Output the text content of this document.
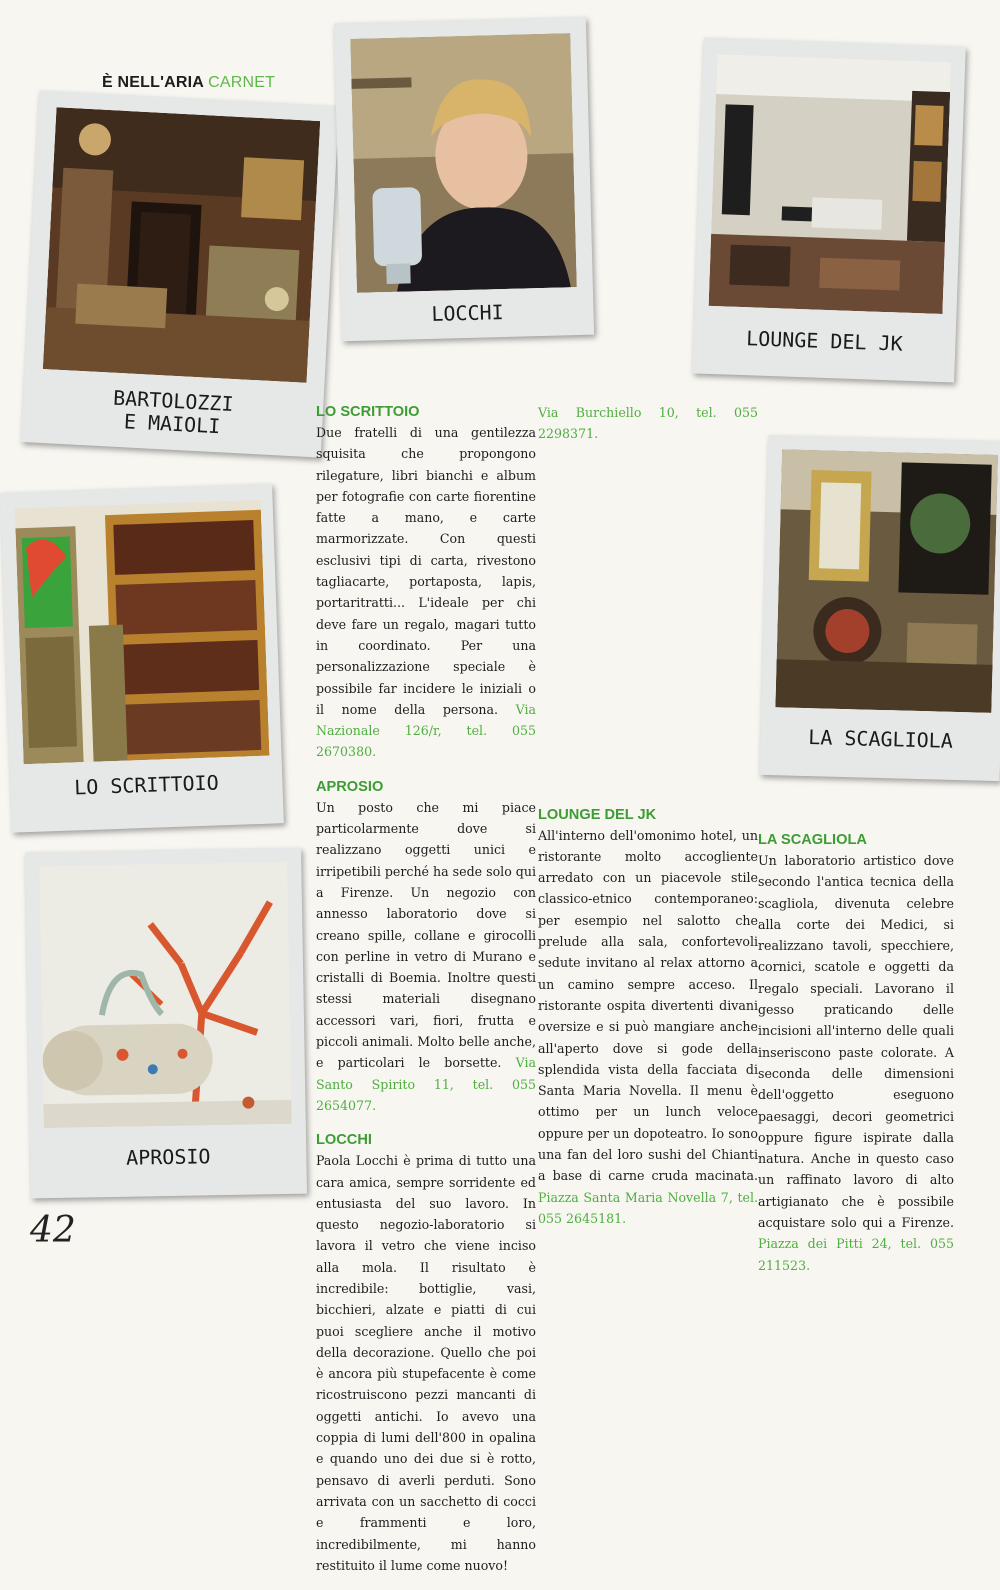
È NELL'ARIA CARNET
BARTOLOZZI
E MAIOLI
LOCCHI
LOUNGE DEL JK
LO SCRITTOIO
LA SCAGLIOLA
APROSIO
LO SCRITTOIO

Due fratelli di una gentilezza squisita che propongono rilegature, libri bianchi e album per fotografie con carte fiorentine fatte a mano, e carte marmorizzate. Con questi esclusivi tipi di carta, rivestono tagliacarte, portaposta, lapis, portaritratti... L'ideale per chi deve fare un regalo, magari tutto in coordinato. Per una personalizzazione speciale è possibile far incidere le iniziali o il nome della persona. Via Nazionale 126/r, tel. 055 2670380.

APROSIO

Un posto che mi piace particolarmente dove si realizzano oggetti unici e irripetibili perché ha sede solo qui a Firenze. Un negozio con annesso laboratorio dove si creano spille, collane e girocolli con perline in vetro di Murano e cristalli di Boemia. Inoltre questi stessi materiali disegnano accessori vari, fiori, frutta e piccoli animali. Molto belle anche, e particolari le borsette. Via Santo Spirito 11, tel. 055 2654077.

LOCCHI

Paola Locchi è prima di tutto una cara amica, sempre sorridente ed entusiasta del suo lavoro. In questo negozio-laboratorio si lavora il vetro che viene inciso alla mola. Il risultato è incredibile: bottiglie, vasi, bicchieri, alzate e piatti di cui puoi scegliere anche il motivo della decorazione. Quello che poi è ancora più stupefacente è come ricostruiscono pezzi mancanti di oggetti antichi. Io avevo una coppia di lumi dell'800 in opalina e quando uno dei due si è rotto, pensavo di averli perduti. Sono arrivata con un sacchetto di cocci e frammenti e loro, incredibilmente, mi hanno restituito il lume come nuovo!

Via Burchiello 10, tel. 055 2298371.

LOUNGE DEL JK

All'interno dell'omonimo hotel, un ristorante molto accogliente arredato con un piacevole stile classico-etnico contemporaneo: per esempio nel salotto che prelude alla sala, confortevoli sedute invitano al relax attorno a un camino sempre acceso. Il ristorante ospita divertenti divani oversize e si può mangiare anche all'aperto dove si gode della splendida vista della facciata di Santa Maria Novella. Il menu è ottimo per un lunch veloce oppure per un dopoteatro. Io sono una fan del loro sushi del Chianti a base di carne cruda macinata. Piazza Santa Maria Novella 7, tel. 055 2645181.

LA SCAGLIOLA

Un laboratorio artistico dove secondo l'antica tecnica della scagliola, divenuta celebre alla corte dei Medici, si realizzano tavoli, specchiere, cornici, scatole e oggetti da regalo speciali. Lavorano il gesso praticando delle incisioni all'interno delle quali inseriscono paste colorate. A seconda delle dimensioni dell'oggetto eseguono paesaggi, decori geometrici oppure figure ispirate dalla natura. Anche in questo caso un raffinato lavoro di alto artigianato che è possibile acquistare solo qui a Firenze. Piazza dei Pitti 24, tel. 055 211523.

42
